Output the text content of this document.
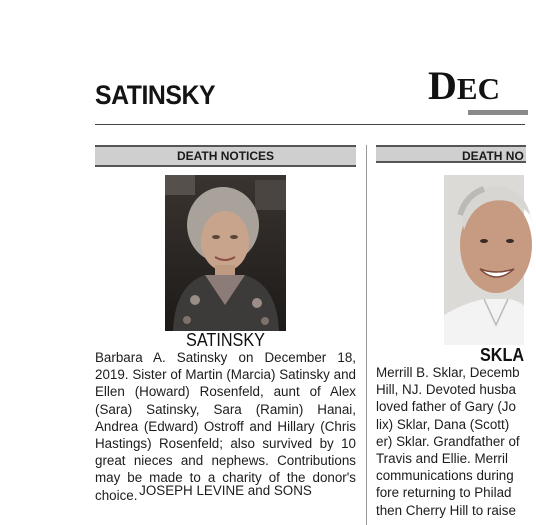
SATINSKY	DEC
DEATH NOTICES
SATINSKY
Barbara A. Satinsky on December 18, 2019. Sister of Martin (Marcia) Satinsky and Ellen (Howard) Rosenfeld, aunt of Alex (Sara) Satinsky, Sara (Ramin) Hanai, Andrea (Edward) Ostroff and Hillary (Chris Hastings) Rosenfeld; also survived by 10 great nieces and nephews. Contributions may be made to a charity of the donor's choice. JOSEPH LEVINE and SONS
DEATH NO
SKLA
Merrill B. Sklar, Decemb
Hill, NJ. Devoted husba
loved father of Gary (Jo
lix) Sklar, Dana (Scott)
er) Sklar. Grandfather of
Travis and Ellie. Merril
communications during
fore returning to Philad
then Cherry Hill to raise
